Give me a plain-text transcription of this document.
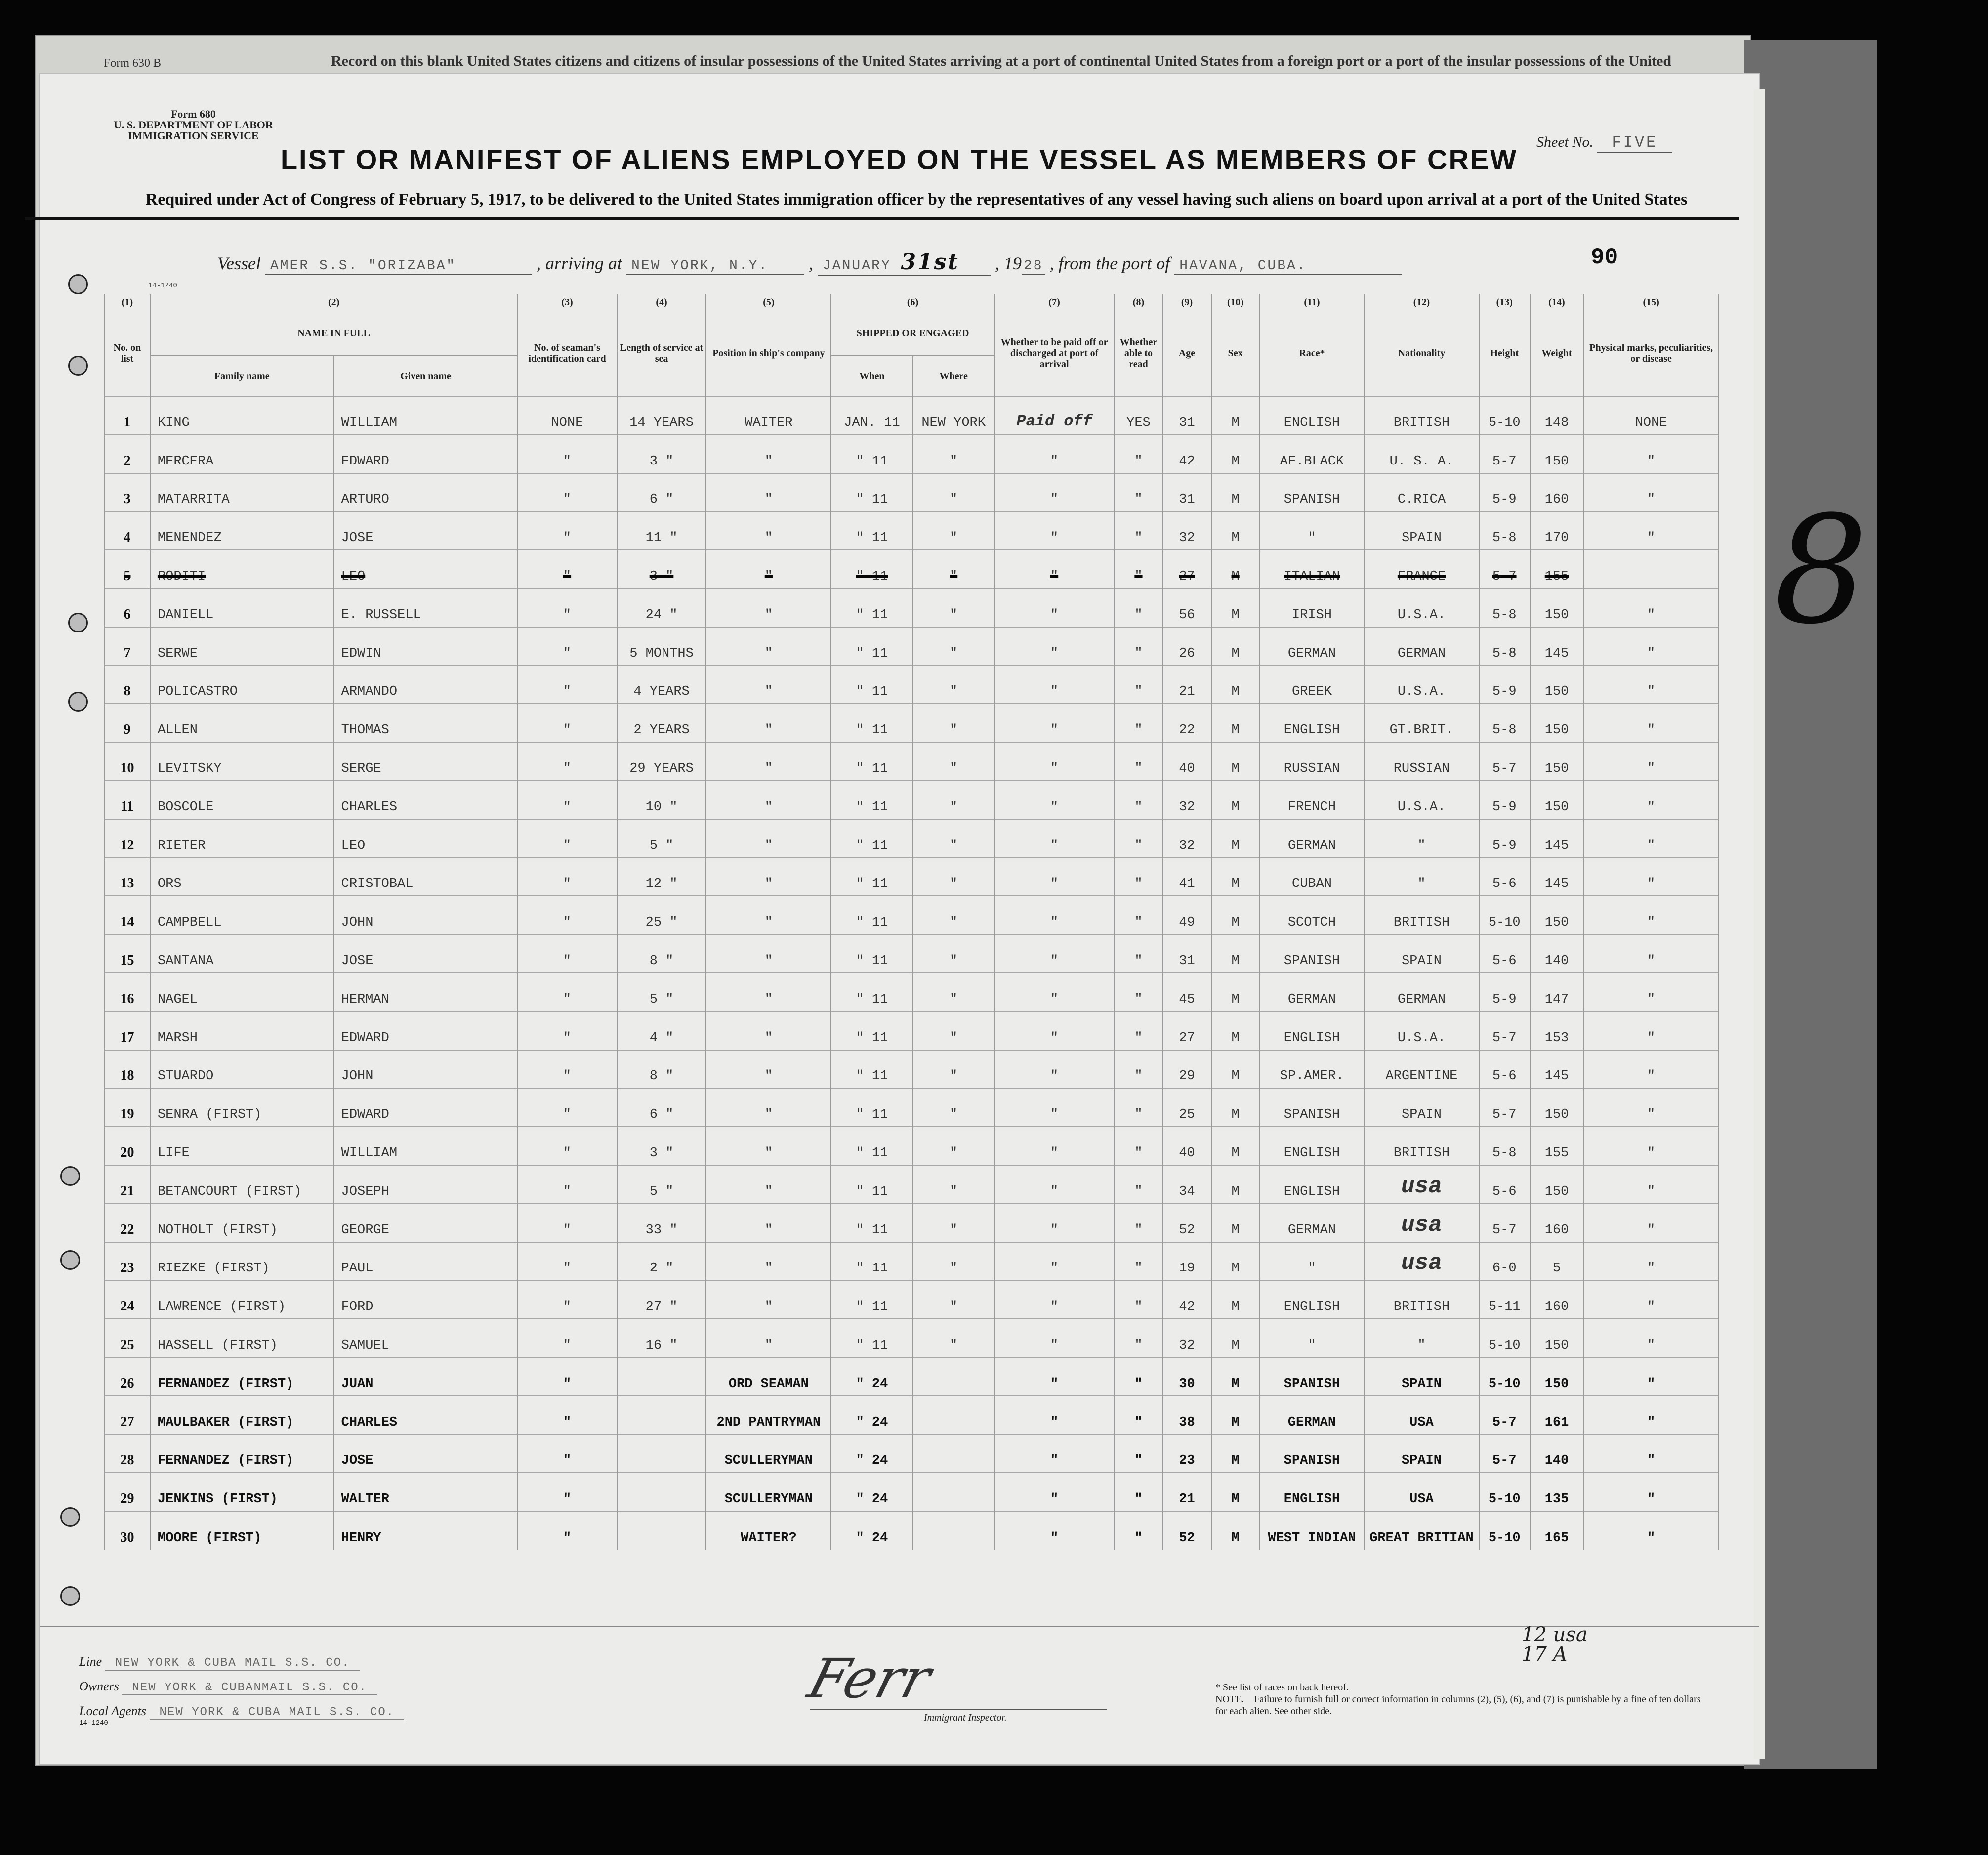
Form 630 B	Record on this blank United States citizens and citizens of insular possessions of the United States arriving at a port of continental United States from a foreign port or a port of the insular possessions of the United
8
Form 680
U. S. DEPARTMENT OF LABOR
IMMIGRATION SERVICE	Sheet No. FIVE
LIST OR MANIFEST OF ALIENS EMPLOYED ON THE VESSEL AS MEMBERS OF CREW
Required under Act of Congress of February 5, 1917, to be delivered to the United States immigration officer by the representatives of any vessel having such aliens on board upon arrival at a port of the United States
Vessel AMER S.S. "ORIZABA"	, arriving at NEW YORK, N.Y. , JANUARY 31st , 19 28 , from the port of HAVANA, CUBA.	90
14-1240
(1)	(2)		(3)	(4)	(5)	(6)		(7)	(8)	(9)	(10)	(11)	(12)	(13)	(14)	(15)
No. on list	NAME IN FULL		No. of seaman's identification card	Length of service at sea	Position in ship's company	SHIPPED OR ENGAGED		Whether to be paid off or discharged at port of arrival	Whether able to read	Age	Sex	Race*	Nationality	Height	Weight	Physical marks, peculiarities, or disease
	Family name	Given name				When	Where									
1	KING	WILLIAM	NONE	14 YEARS	WAITER	JAN. 11	NEW YORK	Paid off	YES	31	M	ENGLISH	BRITISH	5-10	148	NONE
2	MERCERA	EDWARD	"	3 "	"	" 11	"	"	"	42	M	AF.BLACK	U. S. A.	5-7	150	"
3	MATARRITA	ARTURO	"	6 "	"	" 11	"	"	"	31	M	SPANISH	C.RICA	5-9	160	"
4	MENENDEZ	JOSE	"	11 "	"	" 11	"	"	"	32	M	"	SPAIN	5-8	170	"
5	RODITI	LEO	"	3 "	"	" 11	"	"	"	27	M	ITALIAN	FRANCE	5-7	155	
6	DANIELL	E. RUSSELL	"	24 "	"	" 11	"	"	"	56	M	IRISH	U.S.A.	5-8	150	"
7	SERWE	EDWIN	"	5 MONTHS	"	" 11	"	"	"	26	M	GERMAN	GERMAN	5-8	145	"
8	POLICASTRO	ARMANDO	"	4 YEARS	"	" 11	"	"	"	21	M	GREEK	U.S.A.	5-9	150	"
9	ALLEN	THOMAS	"	2 YEARS	"	" 11	"	"	"	22	M	ENGLISH	GT.BRIT.	5-8	150	"
10	LEVITSKY	SERGE	"	29 YEARS	"	" 11	"	"	"	40	M	RUSSIAN	RUSSIAN	5-7	150	"
11	BOSCOLE	CHARLES	"	10 "	"	" 11	"	"	"	32	M	FRENCH	U.S.A.	5-9	150	"
12	RIETER	LEO	"	5 "	"	" 11	"	"	"	32	M	GERMAN	"	5-9	145	"
13	ORS	CRISTOBAL	"	12 "	"	" 11	"	"	"	41	M	CUBAN	"	5-6	145	"
14	CAMPBELL	JOHN	"	25 "	"	" 11	"	"	"	49	M	SCOTCH	BRITISH	5-10	150	"
15	SANTANA	JOSE	"	8 "	"	" 11	"	"	"	31	M	SPANISH	SPAIN	5-6	140	"
16	NAGEL	HERMAN	"	5 "	"	" 11	"	"	"	45	M	GERMAN	GERMAN	5-9	147	"
17	MARSH	EDWARD	"	4 "	"	" 11	"	"	"	27	M	ENGLISH	U.S.A.	5-7	153	"
18	STUARDO	JOHN	"	8 "	"	" 11	"	"	"	29	M	SP.AMER.	ARGENTINE	5-6	145	"
19	SENRA (FIRST)	EDWARD	"	6 "	"	" 11	"	"	"	25	M	SPANISH	SPAIN	5-7	150	"
20	LIFE	WILLIAM	"	3 "	"	" 11	"	"	"	40	M	ENGLISH	BRITISH	5-8	155	"
21	BETANCOURT (FIRST)	JOSEPH	"	5 "	"	" 11	"	"	"	34	M	ENGLISH	usa	5-6	150	"
22	NOTHOLT (FIRST)	GEORGE	"	33 "	"	" 11	"	"	"	52	M	GERMAN	usa	5-7	160	"
23	RIEZKE (FIRST)	PAUL	"	2 "	"	" 11	"	"	"	19	M	"	usa	6-0	5	"
24	LAWRENCE (FIRST)	FORD	"	27 "	"	" 11	"	"	"	42	M	ENGLISH	BRITISH	5-11	160	"
25	HASSELL (FIRST)	SAMUEL	"	16 "	"	" 11	"	"	"	32	M	"	"	5-10	150	"
26	FERNANDEZ (FIRST)	JUAN	"		ORD SEAMAN	" 24		"	"	30	M	SPANISH	SPAIN	5-10	150	"
27	MAULBAKER (FIRST)	CHARLES	"		2ND PANTRYMAN	" 24		"	"	38	M	GERMAN	USA	5-7	161	"
28	FERNANDEZ (FIRST)	JOSE	"		SCULLERYMAN	" 24		"	"	23	M	SPANISH	SPAIN	5-7	140	"
29	JENKINS (FIRST)	WALTER	"		SCULLERYMAN	" 24		"	"	21	M	ENGLISH	USA	5-10	135	"
30	MOORE (FIRST)	HENRY	"		WAITER?	" 24		"	"	52	M	WEST INDIAN	GREAT BRITIAN	5-10	165	"
Line NEW YORK & CUBA MAIL S.S. CO.
Owners NEW YORK & CUBANMAIL S.S. CO.
Local Agents NEW YORK & CUBA MAIL S.S. CO.
14-1240
Ferr
Immigrant Inspector.
12 usa
17 A
* See list of races on back hereof.
NOTE.—Failure to furnish full or correct information in columns (2), (5), (6), and (7) is punishable by a fine of ten dollars for each alien. See other side.
